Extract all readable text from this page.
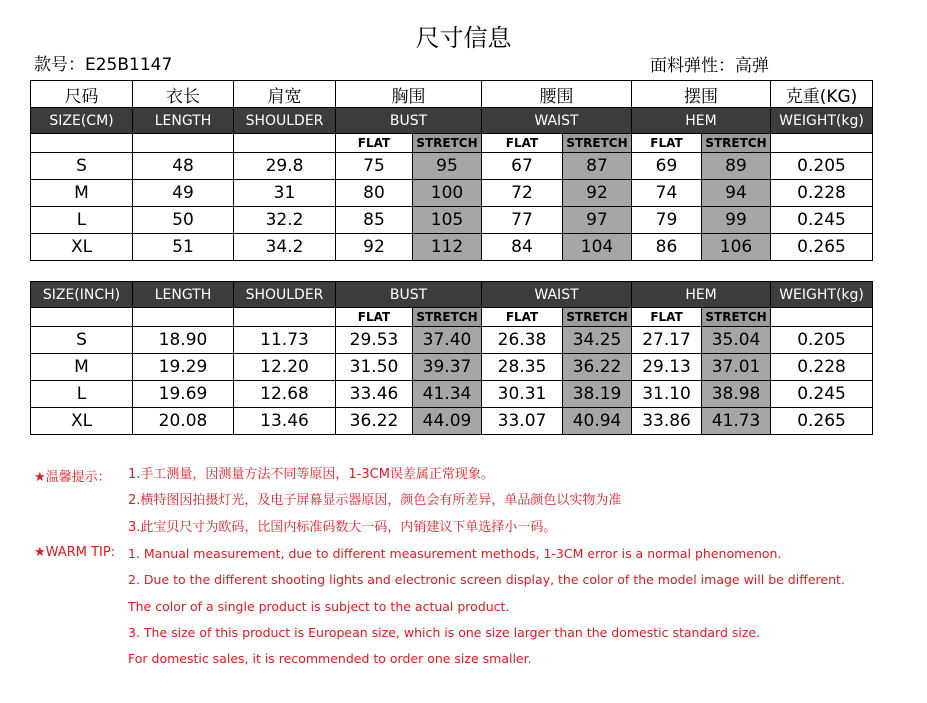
尺寸信息
款号：E25B1147	面料弹性：高弹
尺码	衣长	肩宽	胸围		腰围		摆围		克重(KG)
SIZE(CM)	LENGTH	SHOULDER	BUST		WAIST		HEM		WEIGHT(kg)
			FLAT	STRETCH	FLAT	STRETCH	FLAT	STRETCH	
S	48	29.8	75	95	67	87	69	89	0.205
M	49	31	80	100	72	92	74	94	0.228
L	50	32.2	85	105	77	97	79	99	0.245
XL	51	34.2	92	112	84	104	86	106	0.265
SIZE(INCH)	LENGTH	SHOULDER	BUST		WAIST		HEM		WEIGHT(kg)
			FLAT	STRETCH	FLAT	STRETCH	FLAT	STRETCH	
S	18.90	11.73	29.53	37.40	26.38	34.25	27.17	35.04	0.205
M	19.29	12.20	31.50	39.37	28.35	36.22	29.13	37.01	0.228
L	19.69	12.68	33.46	41.34	30.31	38.19	31.10	38.98	0.245
XL	20.08	13.46	36.22	44.09	33.07	40.94	33.86	41.73	0.265
★温馨提示： 1.手工测量，因测量方法不同等原因，1-3CM误差属正常现象。
2.横特图因拍摄灯光，及电子屏幕显示器原因，颜色会有所差异，单品颜色以实物为准
3.此宝贝尺寸为欧码，比国内标准码数大一码，内销建议下单选择小一码。
★WARM TIP: 1. Manual measurement, due to different measurement methods, 1-3CM error is a normal phenomenon.
2. Due to the different shooting lights and electronic screen display, the color of the model image will be different.
The color of a single product is subject to the actual product.
3. The size of this product is European size, which is one size larger than the domestic standard size.
For domestic sales, it is recommended to order one size smaller.
